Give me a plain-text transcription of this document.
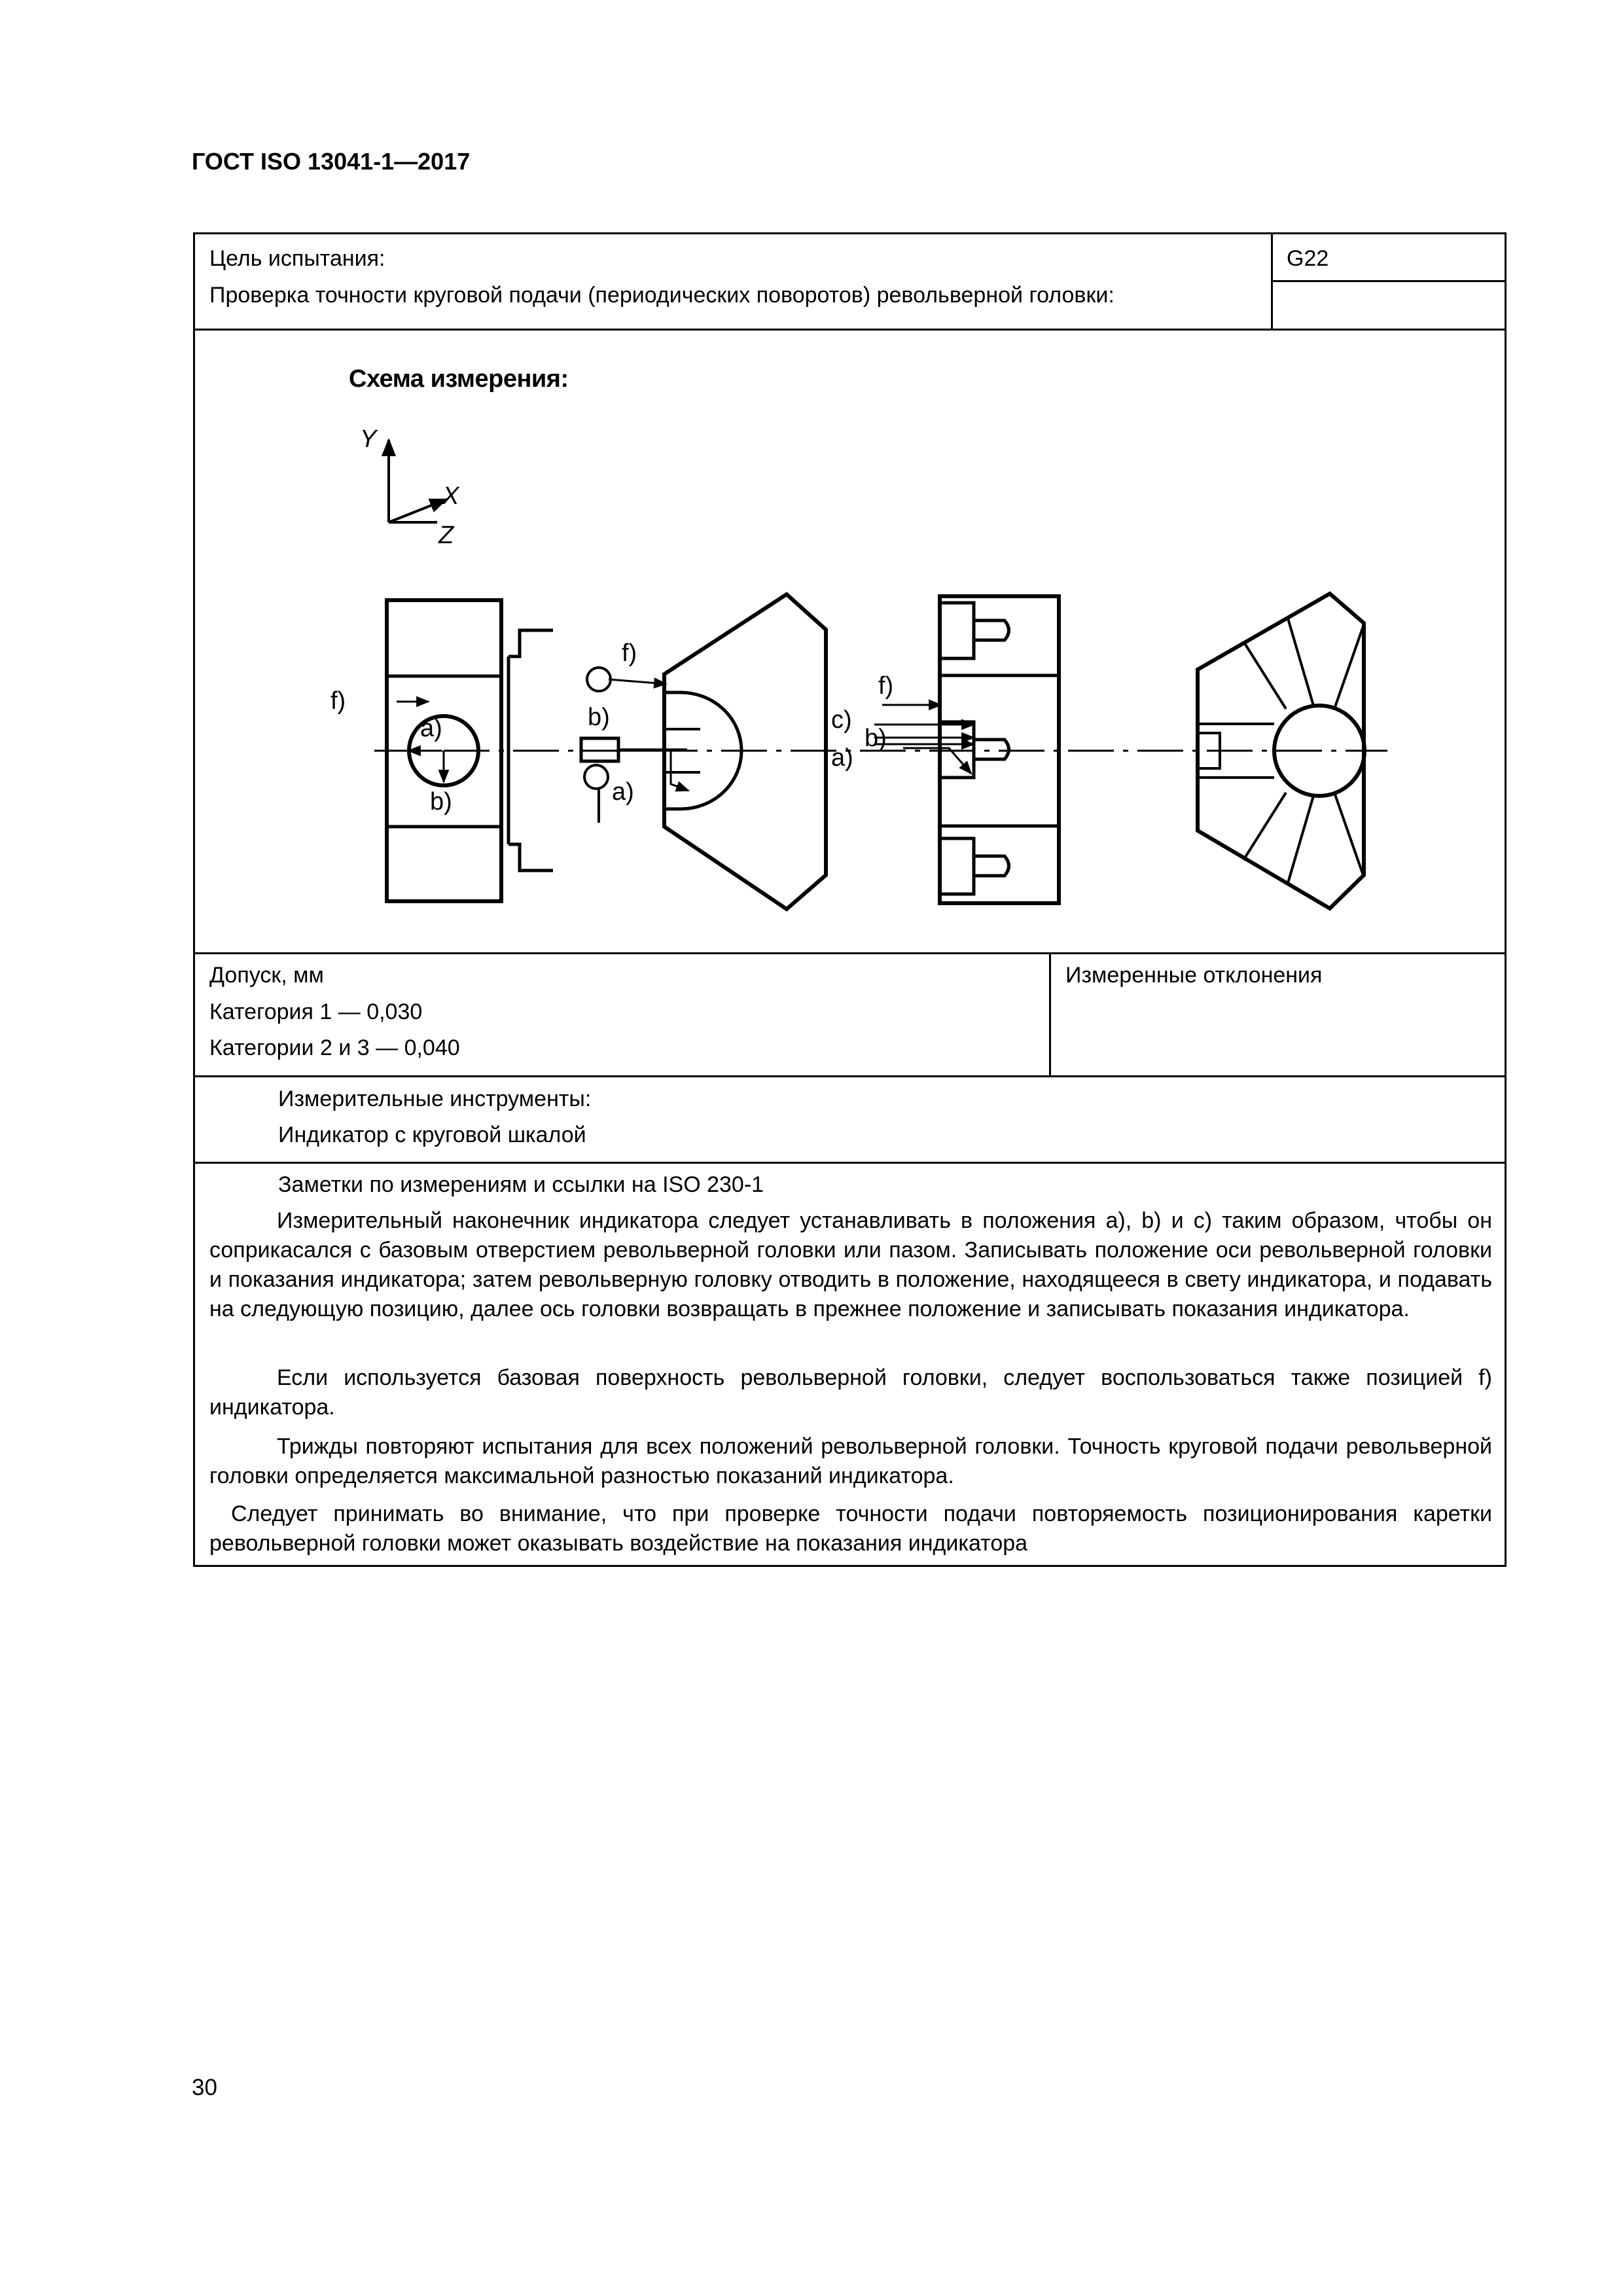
ГОСТ ISO 13041-1—2017
Цель испытания:
Проверка точности круговой подачи (периодических поворотов) револьверной головки:
G22
Схема измерения:
Y
X
Z
f)
a)
b)
f)
b)
a)
f)
c)
b)
a)
Допуск, мм
Категория 1 — 0,030
Категории 2 и 3 — 0,040
Измеренные отклонения
Измерительные инструменты:
Индикатор с круговой шкалой
Заметки по измерениям и ссылки на ISO 230-1
Измерительный наконечник индикатора следует устанавливать в положения a), b) и c) таким образом, чтобы он соприкасался с базовым отверстием револьверной головки или пазом. Записывать положение оси револьверной головки и показания индикатора; затем револьверную головку отводить в положение, находящееся в свету индикатора, и подавать на следующую позицию, далее ось головки возвращать в прежнее положение и записывать показания индикатора.
Если используется базовая поверхность револьверной головки, следует воспользоваться также позицией f) индикатора.
Трижды повторяют испытания для всех положений револьверной головки. Точность круговой подачи револьверной головки определяется максимальной разностью показаний индикатора.
Следует принимать во внимание, что при проверке точности подачи повторяемость позиционирования каретки револьверной головки может оказывать воздействие на показания индикатора
30
